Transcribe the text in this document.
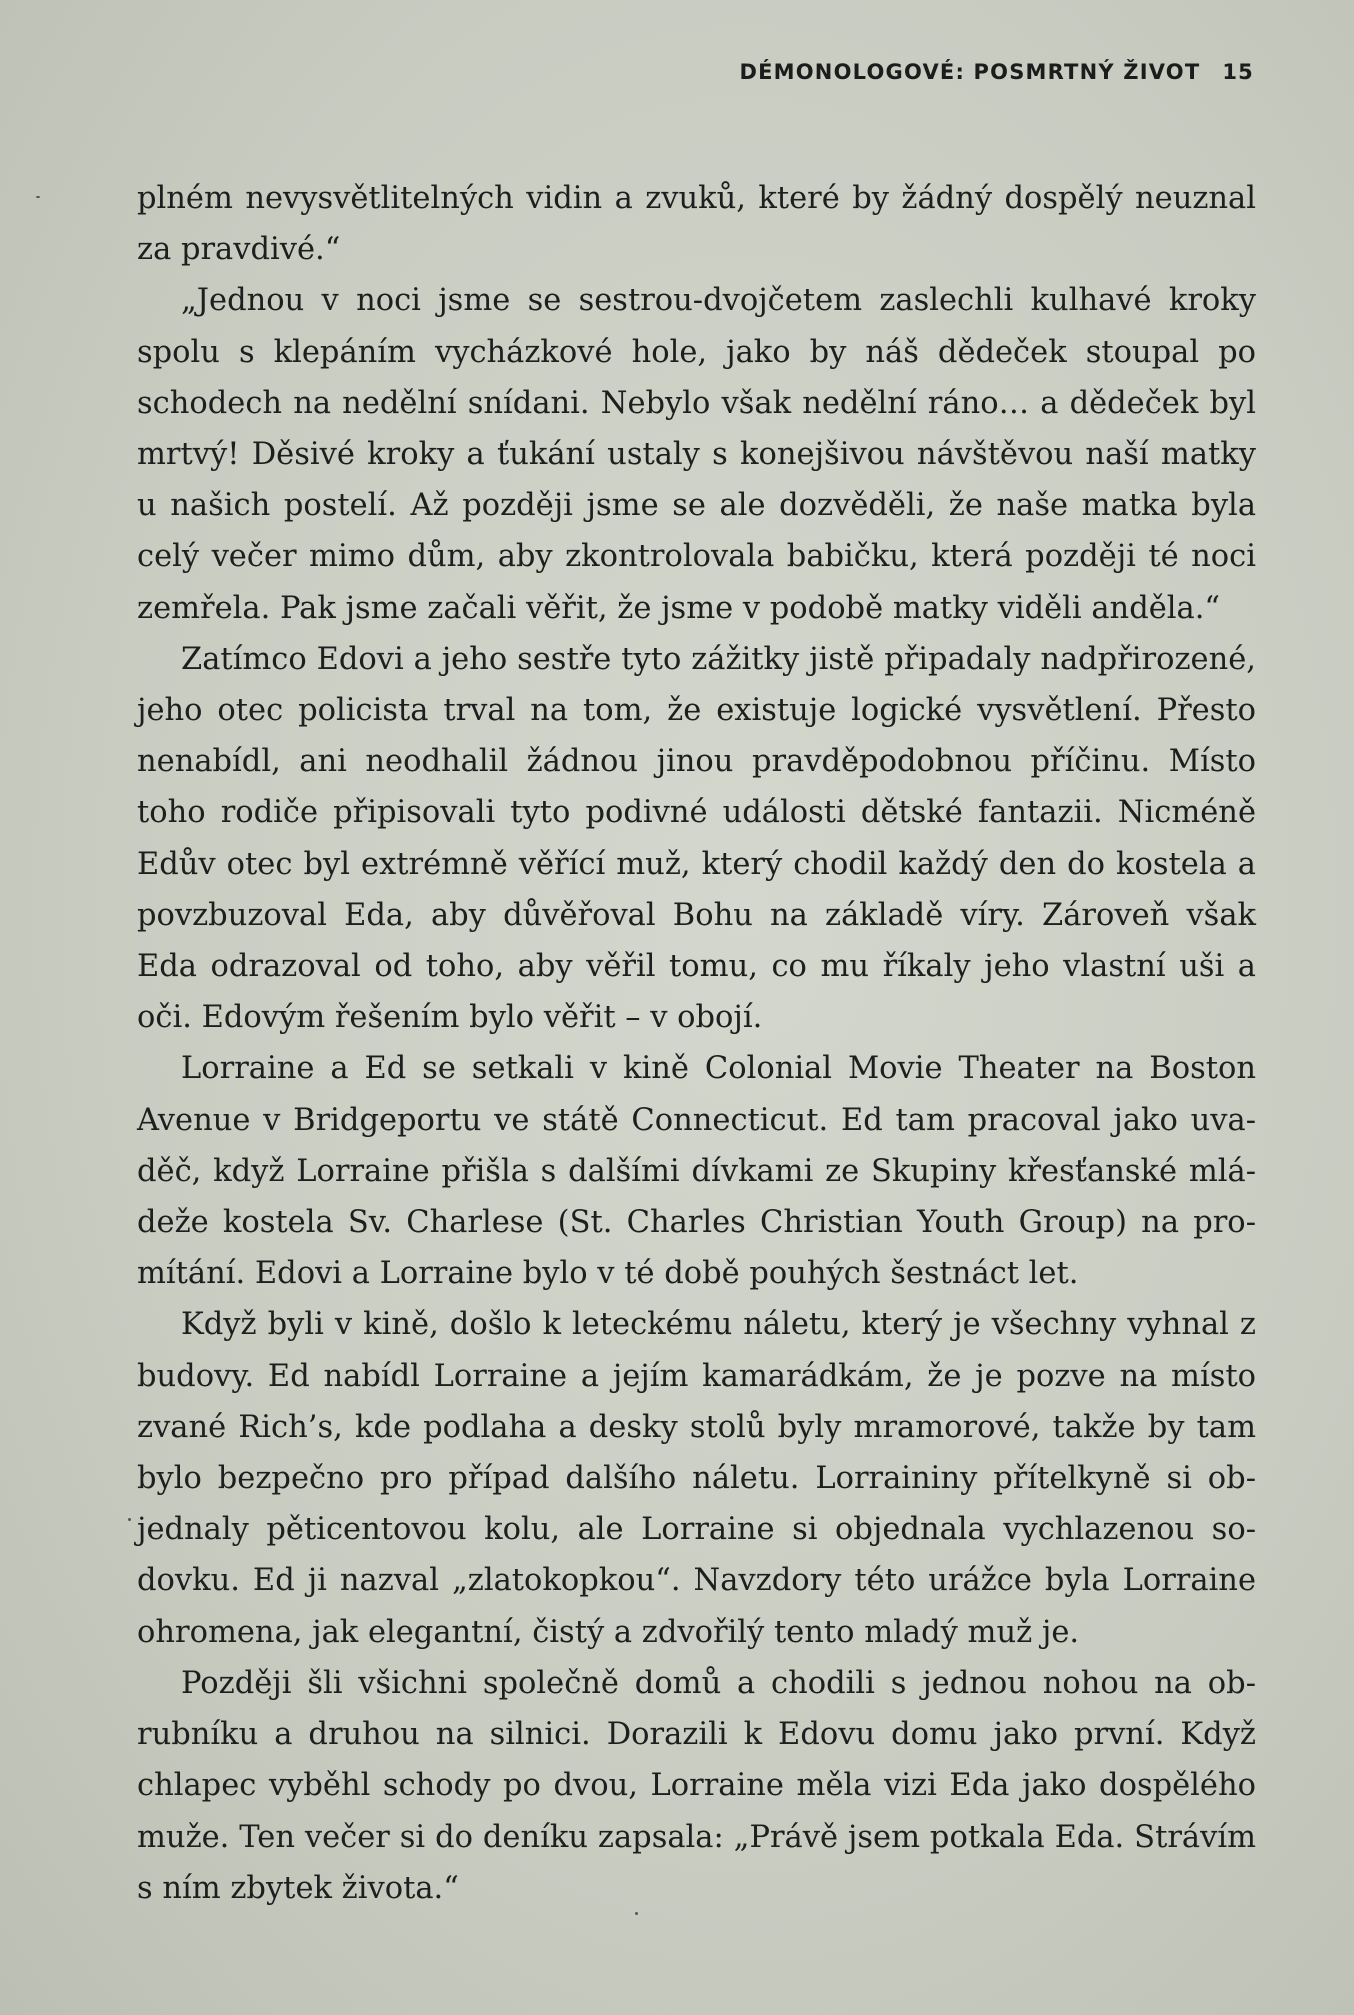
DÉMONOLOGOVÉ: POSMRTNÝ ŽIVOT 15

plném nevysvětlitelných vidin a zvuků, které by žádný dospělý neuznal za pravdivé.“

„Jednou v noci jsme se sestrou-dvojčetem zaslechli kulhavé kroky spolu s klepáním vycházkové hole, jako by náš dědeček stoupal po schodech na nedělní snídani. Nebylo však nedělní ráno… a dědeček byl mrtvý! Děsivé kroky a ťukání ustaly s konejšivou návštěvou naší matky u našich postelí. Až později jsme se ale dozvěděli, že naše matka byla celý večer mimo dům, aby zkontrolovala babičku, která později té noci zemřela. Pak jsme začali věřit, že jsme v podobě matky viděli anděla.“

Zatímco Edovi a jeho sestře tyto zážitky jistě připadaly nadpřirozené, jeho otec policista trval na tom, že existuje logické vysvětlení. Přesto nenabídl, ani neodhalil žádnou jinou pravděpodobnou příčinu. Místo toho rodiče připisovali tyto podivné události dětské fantazii. Nicméně Edův otec byl extrémně věřící muž, který chodil každý den do kostela a povzbuzoval Eda, aby důvěřoval Bohu na základě víry. Zároveň však Eda odrazoval od toho, aby věřil tomu, co mu říkaly jeho vlastní uši a oči. Edovým řešením bylo věřit – v obojí.

Lorraine a Ed se setkali v kině Colonial Movie Theater na Boston Avenue v Bridgeportu ve státě Connecticut. Ed tam pracoval jako uvaděč, když Lorraine přišla s dalšími dívkami ze Skupiny křesťanské mládeže kostela Sv. Charlese (St. Charles Christian Youth Group) na promítání. Edovi a Lorraine bylo v té době pouhých šestnáct let.

Když byli v kině, došlo k leteckému náletu, který je všechny vyhnal z budovy. Ed nabídl Lorraine a jejím kamarádkám, že je pozve na místo zvané Rich’s, kde podlaha a desky stolů byly mramorové, takže by tam bylo bezpečno pro případ dalšího náletu. Lorraininy přítelkyně si objednaly pěticentovou kolu, ale Lorraine si objednala vychlazenou sodovku. Ed ji nazval „zlatokopkou“. Navzdory této urážce byla Lorraine ohromena, jak elegantní, čistý a zdvořilý tento mladý muž je.

Později šli všichni společně domů a chodili s jednou nohou na obrubníku a druhou na silnici. Dorazili k Edovu domu jako první. Když chlapec vyběhl schody po dvou, Lorraine měla vizi Eda jako dospělého muže. Ten večer si do deníku zapsala: „Právě jsem potkala Eda. Strávím s ním zbytek života.“
